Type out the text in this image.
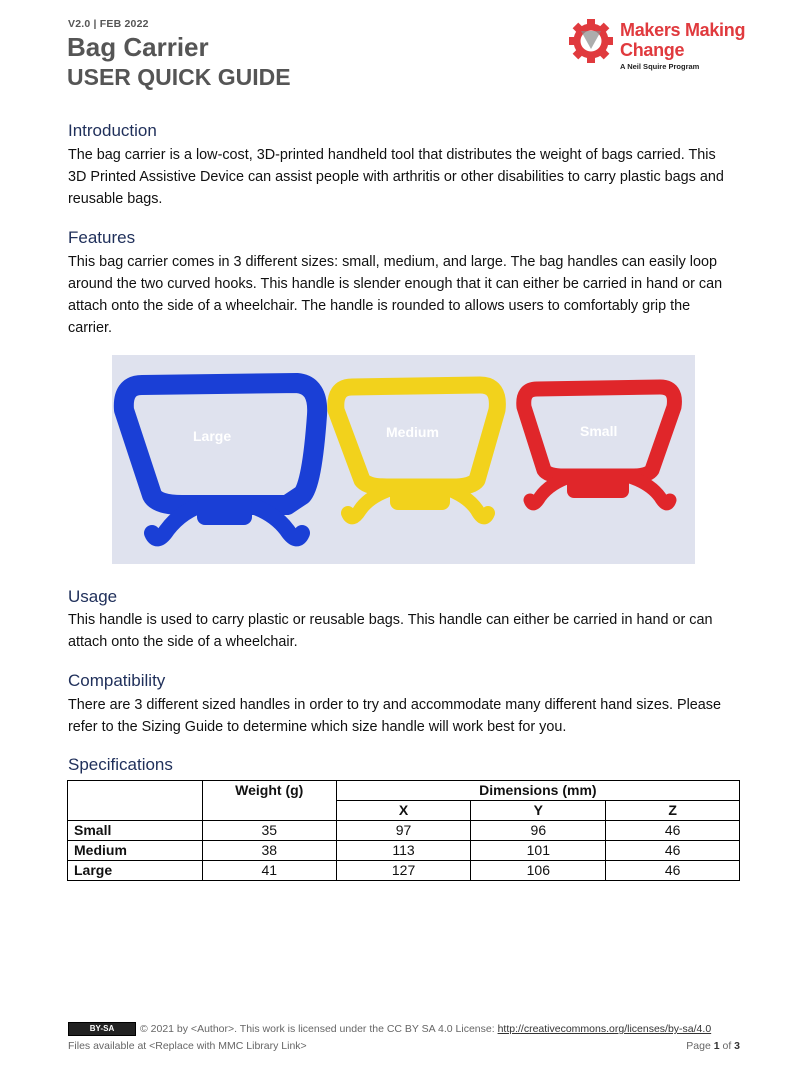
V2.0 | FEB 2022
Bag Carrier
USER QUICK GUIDE
Makers Making
Change
A Neil Squire Program
Introduction
The bag carrier is a low-cost, 3D-printed handheld tool that distributes the weight of bags carried. This
3D Printed Assistive Device can assist people with arthritis or other disabilities to carry plastic bags and
reusable bags.
Features
This bag carrier comes in 3 different sizes: small, medium, and large. The bag handles can easily loop
around the two curved hooks. This handle is slender enough that it can either be carried in hand or can
attach onto the side of a wheelchair. The handle is rounded to allows users to comfortably grip the
carrier.
Large	Medium	Small
Usage
This handle is used to carry plastic or reusable bags. This handle can either be carried in hand or can
attach onto the side of a wheelchair.
Compatibility
There are 3 different sized handles in order to try and accommodate many different hand sizes. Please
refer to the Sizing Guide to determine which size handle will work best for you.
Specifications
	Weight (g)	Dimensions (mm)		
		X	Y	Z
Small	35	97	96	46
Medium	38	113	101	46
Large	41	127	106	46
BY-SA © 2021 by <Author>. This work is licensed under the CC BY SA 4.0 License: http://creativecommons.org/licenses/by-sa/4.0
Files available at <Replace with MMC Library Link>	Page 1 of 3
